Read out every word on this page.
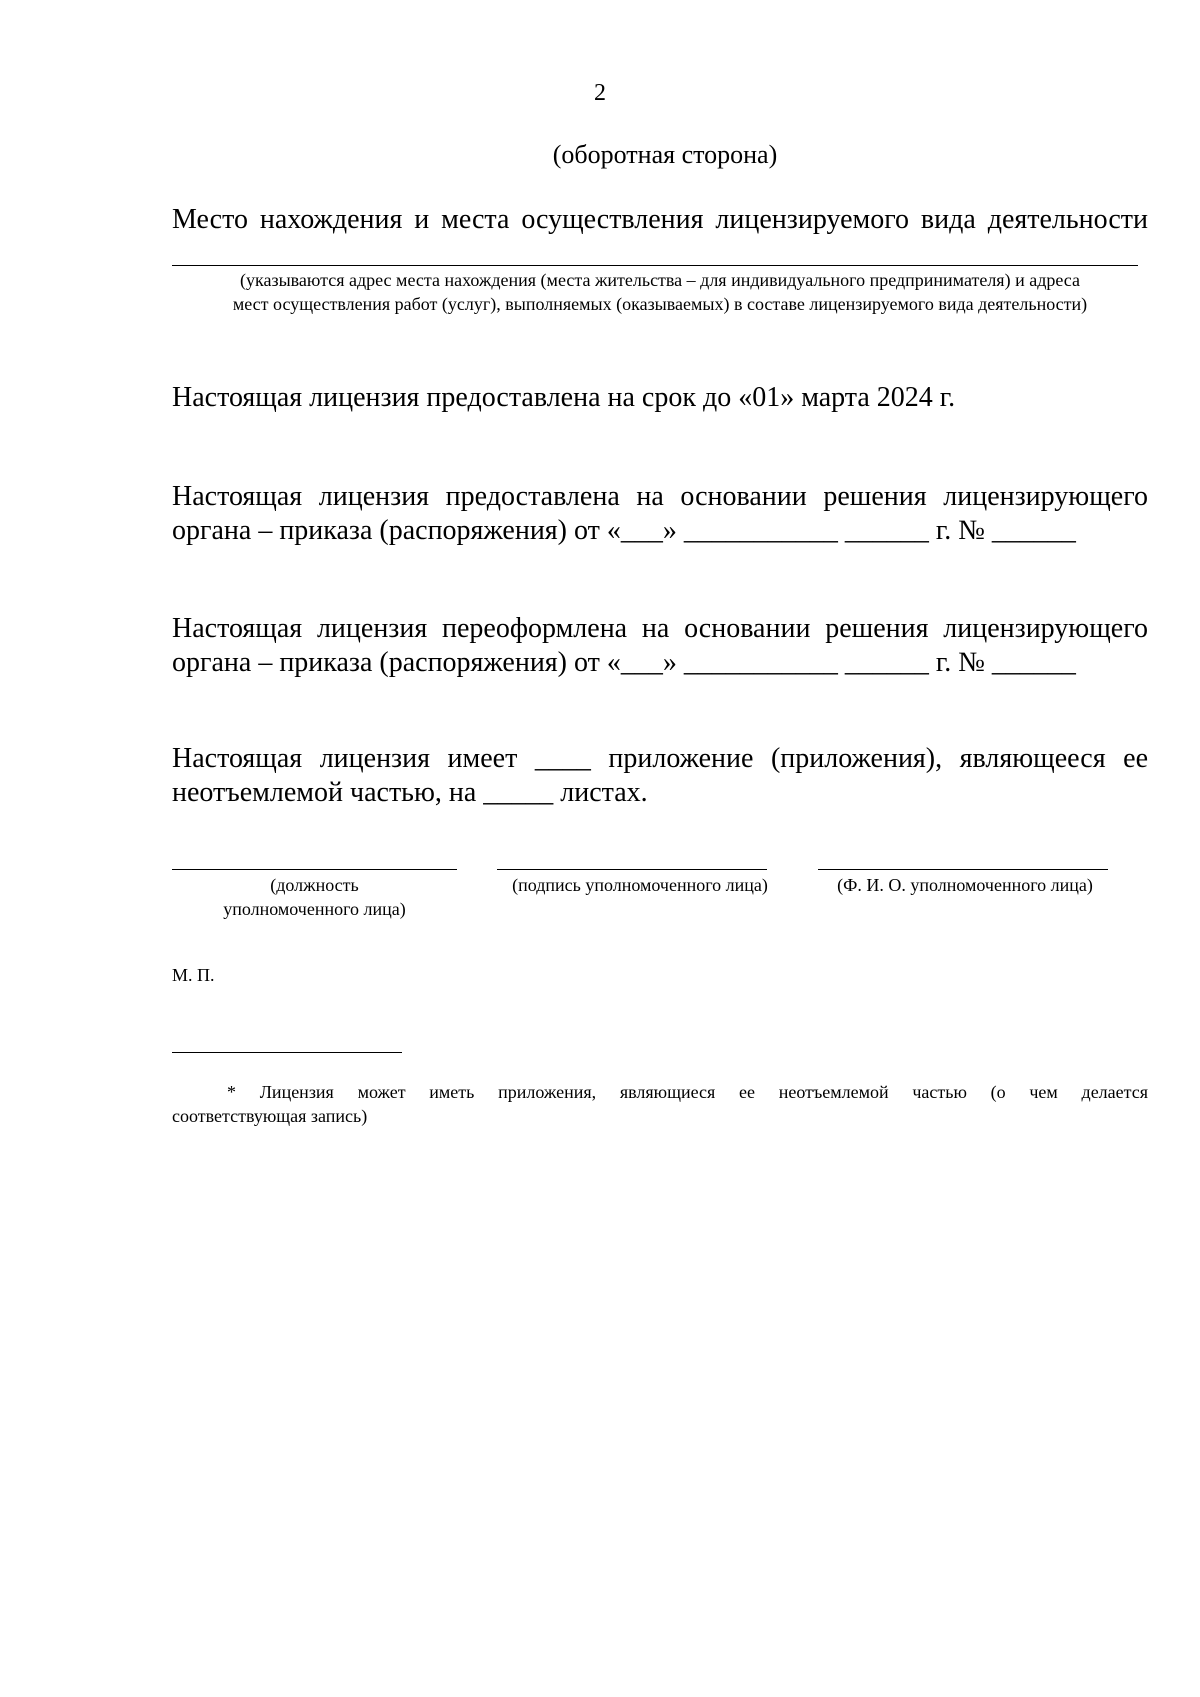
2
(оборотная сторона)
Место нахождения и места осуществления лицензируемого вида деятельности
(указываются адрес места нахождения (места жительства – для индивидуального предпринимателя) и адреса
мест осуществления работ (услуг), выполняемых (оказываемых) в составе лицензируемого вида деятельности)
Настоящая лицензия предоставлена на срок до «01» марта 2024 г.
Настоящая лицензия предоставлена на основании решения лицензирующего
органа – приказа (распоряжения) от «___» ___________ ______ г. № ______
Настоящая лицензия переоформлена на основании решения лицензирующего
органа – приказа (распоряжения) от «___» ___________ ______ г. № ______
Настоящая лицензия имеет ____ приложение (приложения), являющееся ее
неотъемлемой частью, на _____ листах.
(должность
уполномоченного лица)
(подпись уполномоченного лица)	(Ф. И. О. уполномоченного лица)
М. П.
* Лицензия может иметь приложения, являющиеся ее неотъемлемой частью (о чем делается
соответствующая запись)
